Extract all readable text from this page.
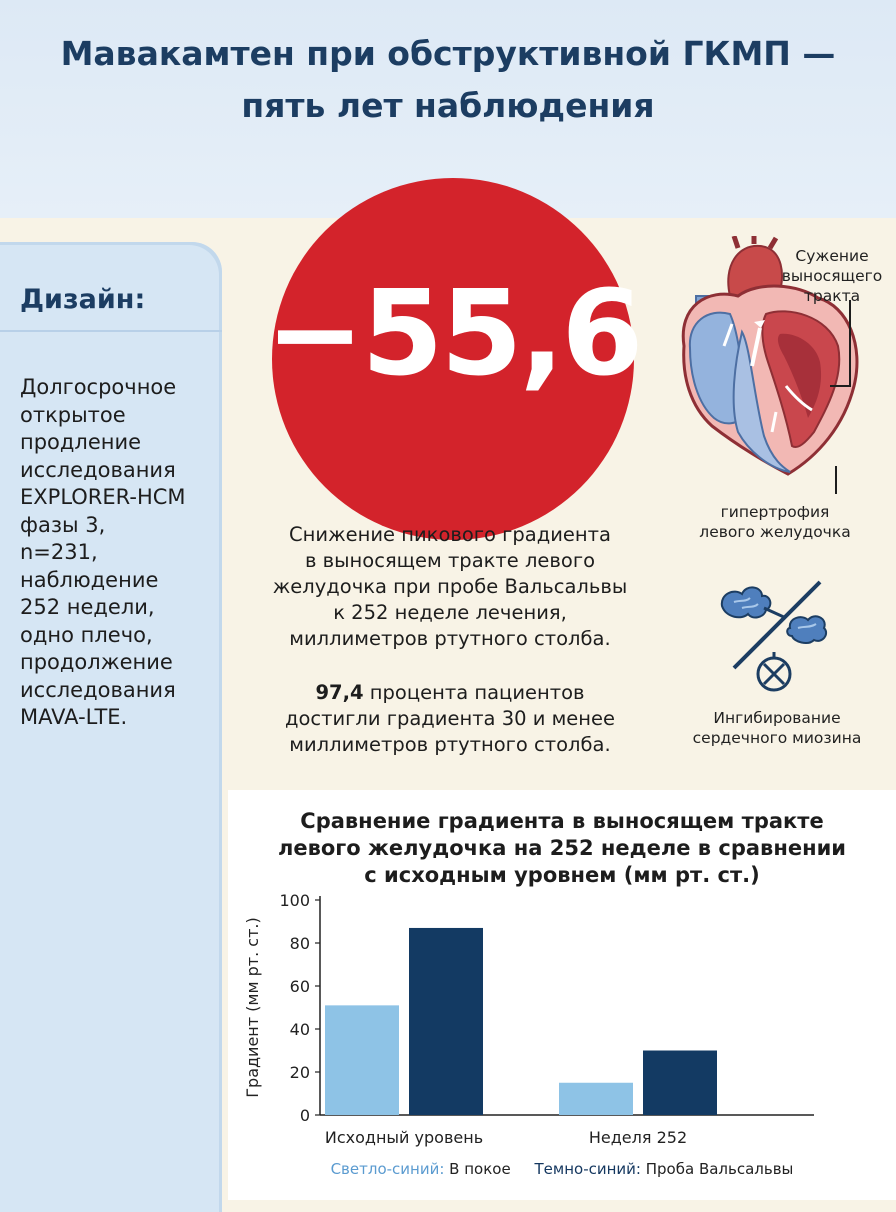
Мавакамтен при обструктивной ГКМП —
пять лет наблюдения
Дизайн:
Долгосрочное
открытое
продление
исследования
EXPLORER-HCM
фазы 3,
n=231,
наблюдение
252 недели,
одно плечо,
продолжение
исследования
MAVA-LTE.
−55,6
Снижение пикового градиента
в выносящем тракте левого
желудочка при пробе Вальсальвы
к 252 неделе лечения,
миллиметров ртутного столба.
97,4 процента пациентов
достигли градиента 30 и менее
миллиметров ртутного столба.
Сужение
выносящего
тракта
гипертрофия
левого желудочка
Ингибирование
сердечного миозина
Сравнение градиента в выносящем тракте
левого желудочка на 252 неделе в сравнении
с исходным уровнем (мм рт. ст.)
0
20
40
60
80
100
Градиент (мм рт. ст.)
Исходный уровень	Неделя 252
Светло-синий: В покое Темно-синий: Проба Вальсальвы
